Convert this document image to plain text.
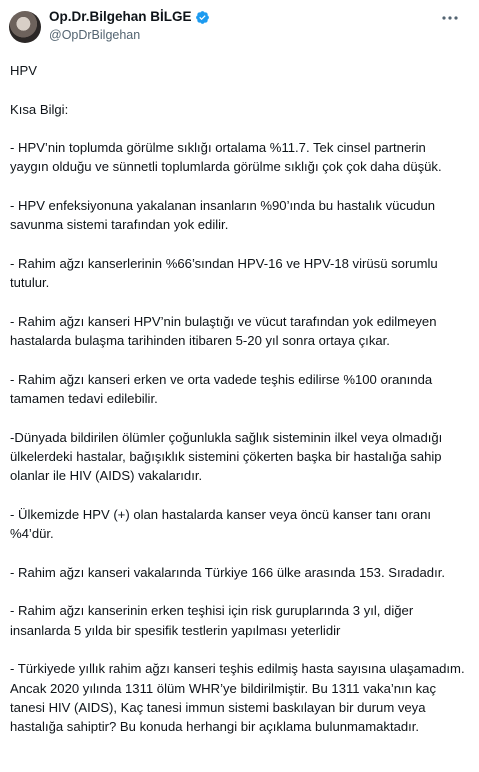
Op.Dr.Bilgehan BİLGE
@OpDrBilgehan

HPV

Kısa Bilgi:

- HPV’nin toplumda görülme sıklığı ortalama %11.7. Tek cinsel partnerin yaygın olduğu ve sünnetli toplumlarda görülme sıklığı çok çok daha düşük.

- HPV enfeksiyonuna yakalanan insanların %90’ında bu hastalık vücudun savunma sistemi tarafından yok edilir.

- Rahim ağzı kanserlerinin %66’sından HPV-16 ve HPV-18 virüsü sorumlu tutulur.

- Rahim ağzı kanseri HPV’nin bulaştığı ve vücut tarafından yok edilmeyen hastalarda bulaşma tarihinden itibaren 5-20 yıl sonra ortaya çıkar.

- Rahim ağzı kanseri erken ve orta vadede teşhis edilirse %100 oranında tamamen tedavi edilebilir.

-Dünyada bildirilen ölümler çoğunlukla sağlık sisteminin ilkel veya olmadığı ülkelerdeki hastalar, bağışıklık sistemini çökerten başka bir hastalığa sahip olanlar ile HIV (AIDS) vakalarıdır.

- Ülkemizde HPV (+) olan hastalarda kanser veya öncü kanser tanı oranı %4’dür.

- Rahim ağzı kanseri vakalarında Türkiye 166 ülke arasında 153. Sıradadır.

- Rahim ağzı kanserinin erken teşhisi için risk guruplarında 3 yıl, diğer insanlarda 5 yılda bir spesifik testlerin yapılması yeterlidir

- Türkiyede yıllık rahim ağzı kanseri teşhis edilmiş hasta sayısına ulaşamadım. Ancak 2020 yılında 1311 ölüm WHR’ye bildirilmiştir. Bu 1311 vaka’nın kaç tanesi HIV (AIDS), Kaç tanesi immun sistemi baskılayan bir durum veya hastalığa sahiptir? Bu konuda herhangi bir açıklama bulunmamaktadır.
